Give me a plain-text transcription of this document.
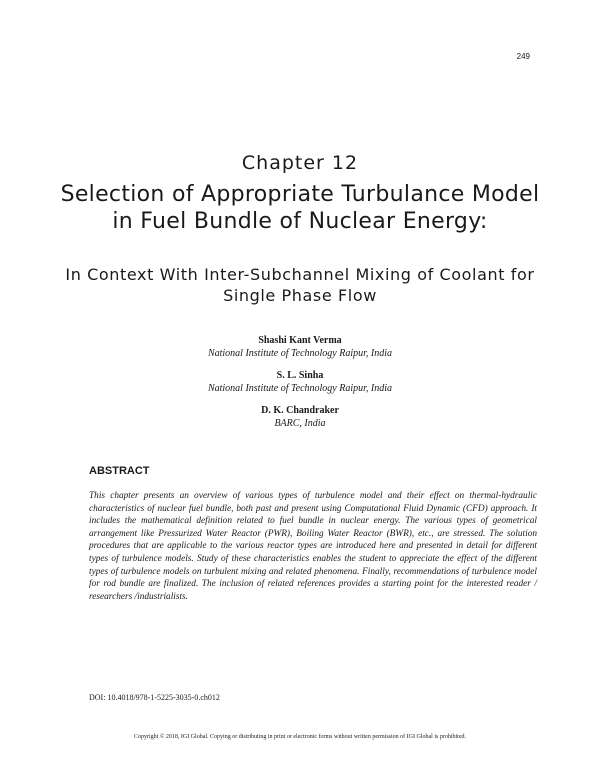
249
Chapter 12
Selection of Appropriate Turbulance Model in Fuel Bundle of Nuclear Energy:
In Context With Inter-Subchannel Mixing of Coolant for Single Phase Flow
Shashi Kant Verma
National Institute of Technology Raipur, India
S. L. Sinha
National Institute of Technology Raipur, India
D. K. Chandraker
BARC, India
ABSTRACT
This chapter presents an overview of various types of turbulence model and their effect on thermal-hydraulic characteristics of nuclear fuel bundle, both past and present using Computational Fluid Dynamic (CFD) approach. It includes the mathematical definition related to fuel bundle in nuclear energy. The various types of geometrical arrangement like Pressurized Water Reactor (PWR), Boiling Water Reactor (BWR), etc., are stressed. The solution procedures that are applicable to the various reactor types are introduced here and presented in detail for different types of turbulence models. Study of these characteristics enables the student to appreciate the effect of the different types of turbulence models on turbulent mixing and related phenomena. Finally, recommendations of turbulence model for rod bundle are finalized. The inclusion of related references provides a starting point for the interested reader / researchers /industrialists.
DOI: 10.4018/978-1-5225-3035-0.ch012
Copyright © 2018, IGI Global. Copying or distributing in print or electronic forms without written permission of IGI Global is prohibited.
